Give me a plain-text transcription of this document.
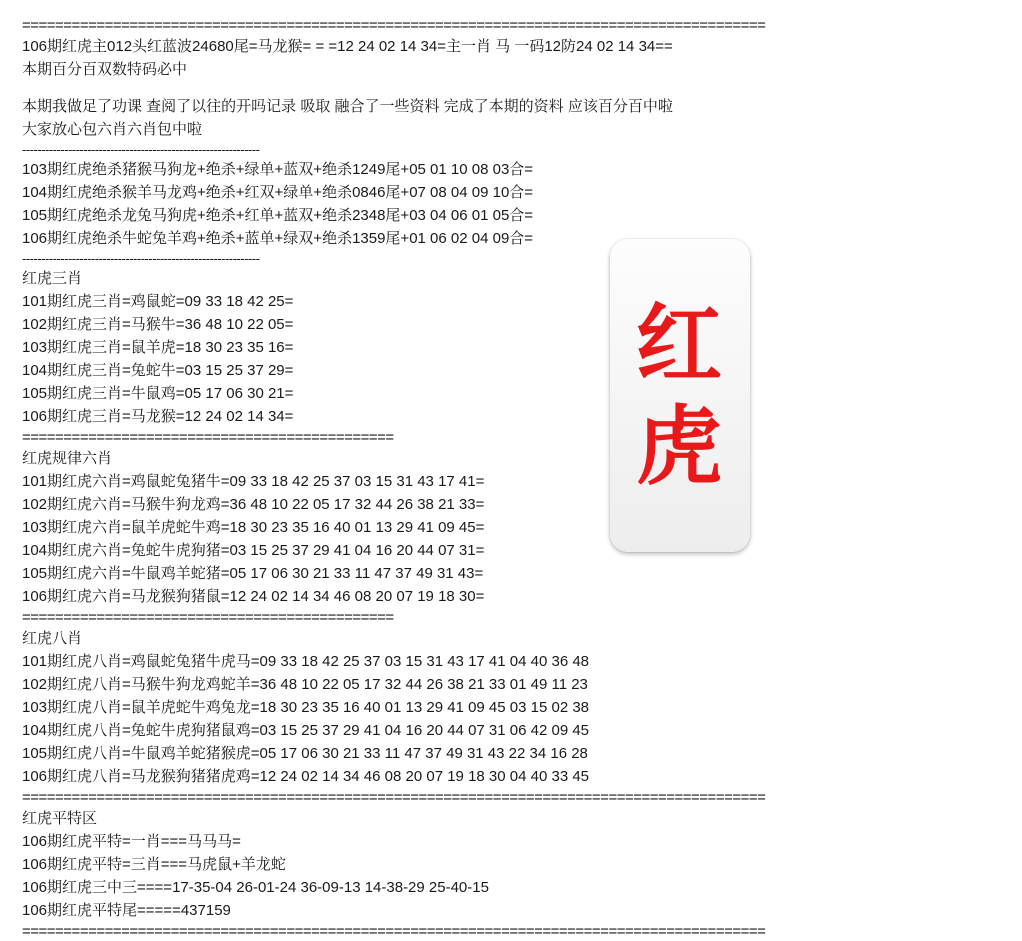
==========================================================================================
106期红虎主012头红蓝波24680尾=马龙猴= = =12 24 02 14 34=主一肖 马 一码12防24 02 14 34==
本期百分百双数特码必中
本期我做足了功课 查阅了以往的开吗记录 吸取 融合了一些资料 完成了本期的资料 应该百分百中啦
大家放心包六肖六肖包中啦
--------------------------------------------------------------
103期红虎绝杀猪猴马狗龙+绝杀+绿单+蓝双+绝杀1249尾+05 01 10 08 03合=
104期红虎绝杀猴羊马龙鸡+绝杀+红双+绿单+绝杀0846尾+07 08 04 09 10合=
105期红虎绝杀龙兔马狗虎+绝杀+红单+蓝双+绝杀2348尾+03 04 06 01 05合=
106期红虎绝杀牛蛇兔羊鸡+绝杀+蓝单+绿双+绝杀1359尾+01 06 02 04 09合=
--------------------------------------------------------------
红虎三肖
101期红虎三肖=鸡鼠蛇=09 33 18 42 25=
102期红虎三肖=马猴牛=36 48 10 22 05=
103期红虎三肖=鼠羊虎=18 30 23 35 16=
104期红虎三肖=兔蛇牛=03 15 25 37 29=
105期红虎三肖=牛鼠鸡=05 17 06 30 21=
106期红虎三肖=马龙猴=12 24 02 14 34=
=============================================
红虎规律六肖
101期红虎六肖=鸡鼠蛇兔猪牛=09 33 18 42 25 37 03 15 31 43 17 41=
102期红虎六肖=马猴牛狗龙鸡=36 48 10 22 05 17 32 44 26 38 21 33=
103期红虎六肖=鼠羊虎蛇牛鸡=18 30 23 35 16 40 01 13 29 41 09 45=
104期红虎六肖=兔蛇牛虎狗猪=03 15 25 37 29 41 04 16 20 44 07 31=
105期红虎六肖=牛鼠鸡羊蛇猪=05 17 06 30 21 33 11 47 37 49 31 43=
106期红虎六肖=马龙猴狗猪鼠=12 24 02 14 34 46 08 20 07 19 18 30=
=============================================
红虎八肖
101期红虎八肖=鸡鼠蛇兔猪牛虎马=09 33 18 42 25 37 03 15 31 43 17 41 04 40 36 48
102期红虎八肖=马猴牛狗龙鸡蛇羊=36 48 10 22 05 17 32 44 26 38 21 33 01 49 11 23
103期红虎八肖=鼠羊虎蛇牛鸡兔龙=18 30 23 35 16 40 01 13 29 41 09 45 03 15 02 38
104期红虎八肖=兔蛇牛虎狗猪鼠鸡=03 15 25 37 29 41 04 16 20 44 07 31 06 42 09 45
105期红虎八肖=牛鼠鸡羊蛇猪猴虎=05 17 06 30 21 33 11 47 37 49 31 43 22 34 16 28
106期红虎八肖=马龙猴狗猪猪虎鸡=12 24 02 14 34 46 08 20 07 19 18 30 04 40 33 45
==========================================================================================
红虎平特区
106期红虎平特=一肖===马马马=
106期红虎平特=三肖===马虎鼠+羊龙蛇
106期红虎三中三====17-35-04 26-01-24 36-09-13 14-38-29 25-40-15
106期红虎平特尾=====437159
==========================================================================================
红
虎
